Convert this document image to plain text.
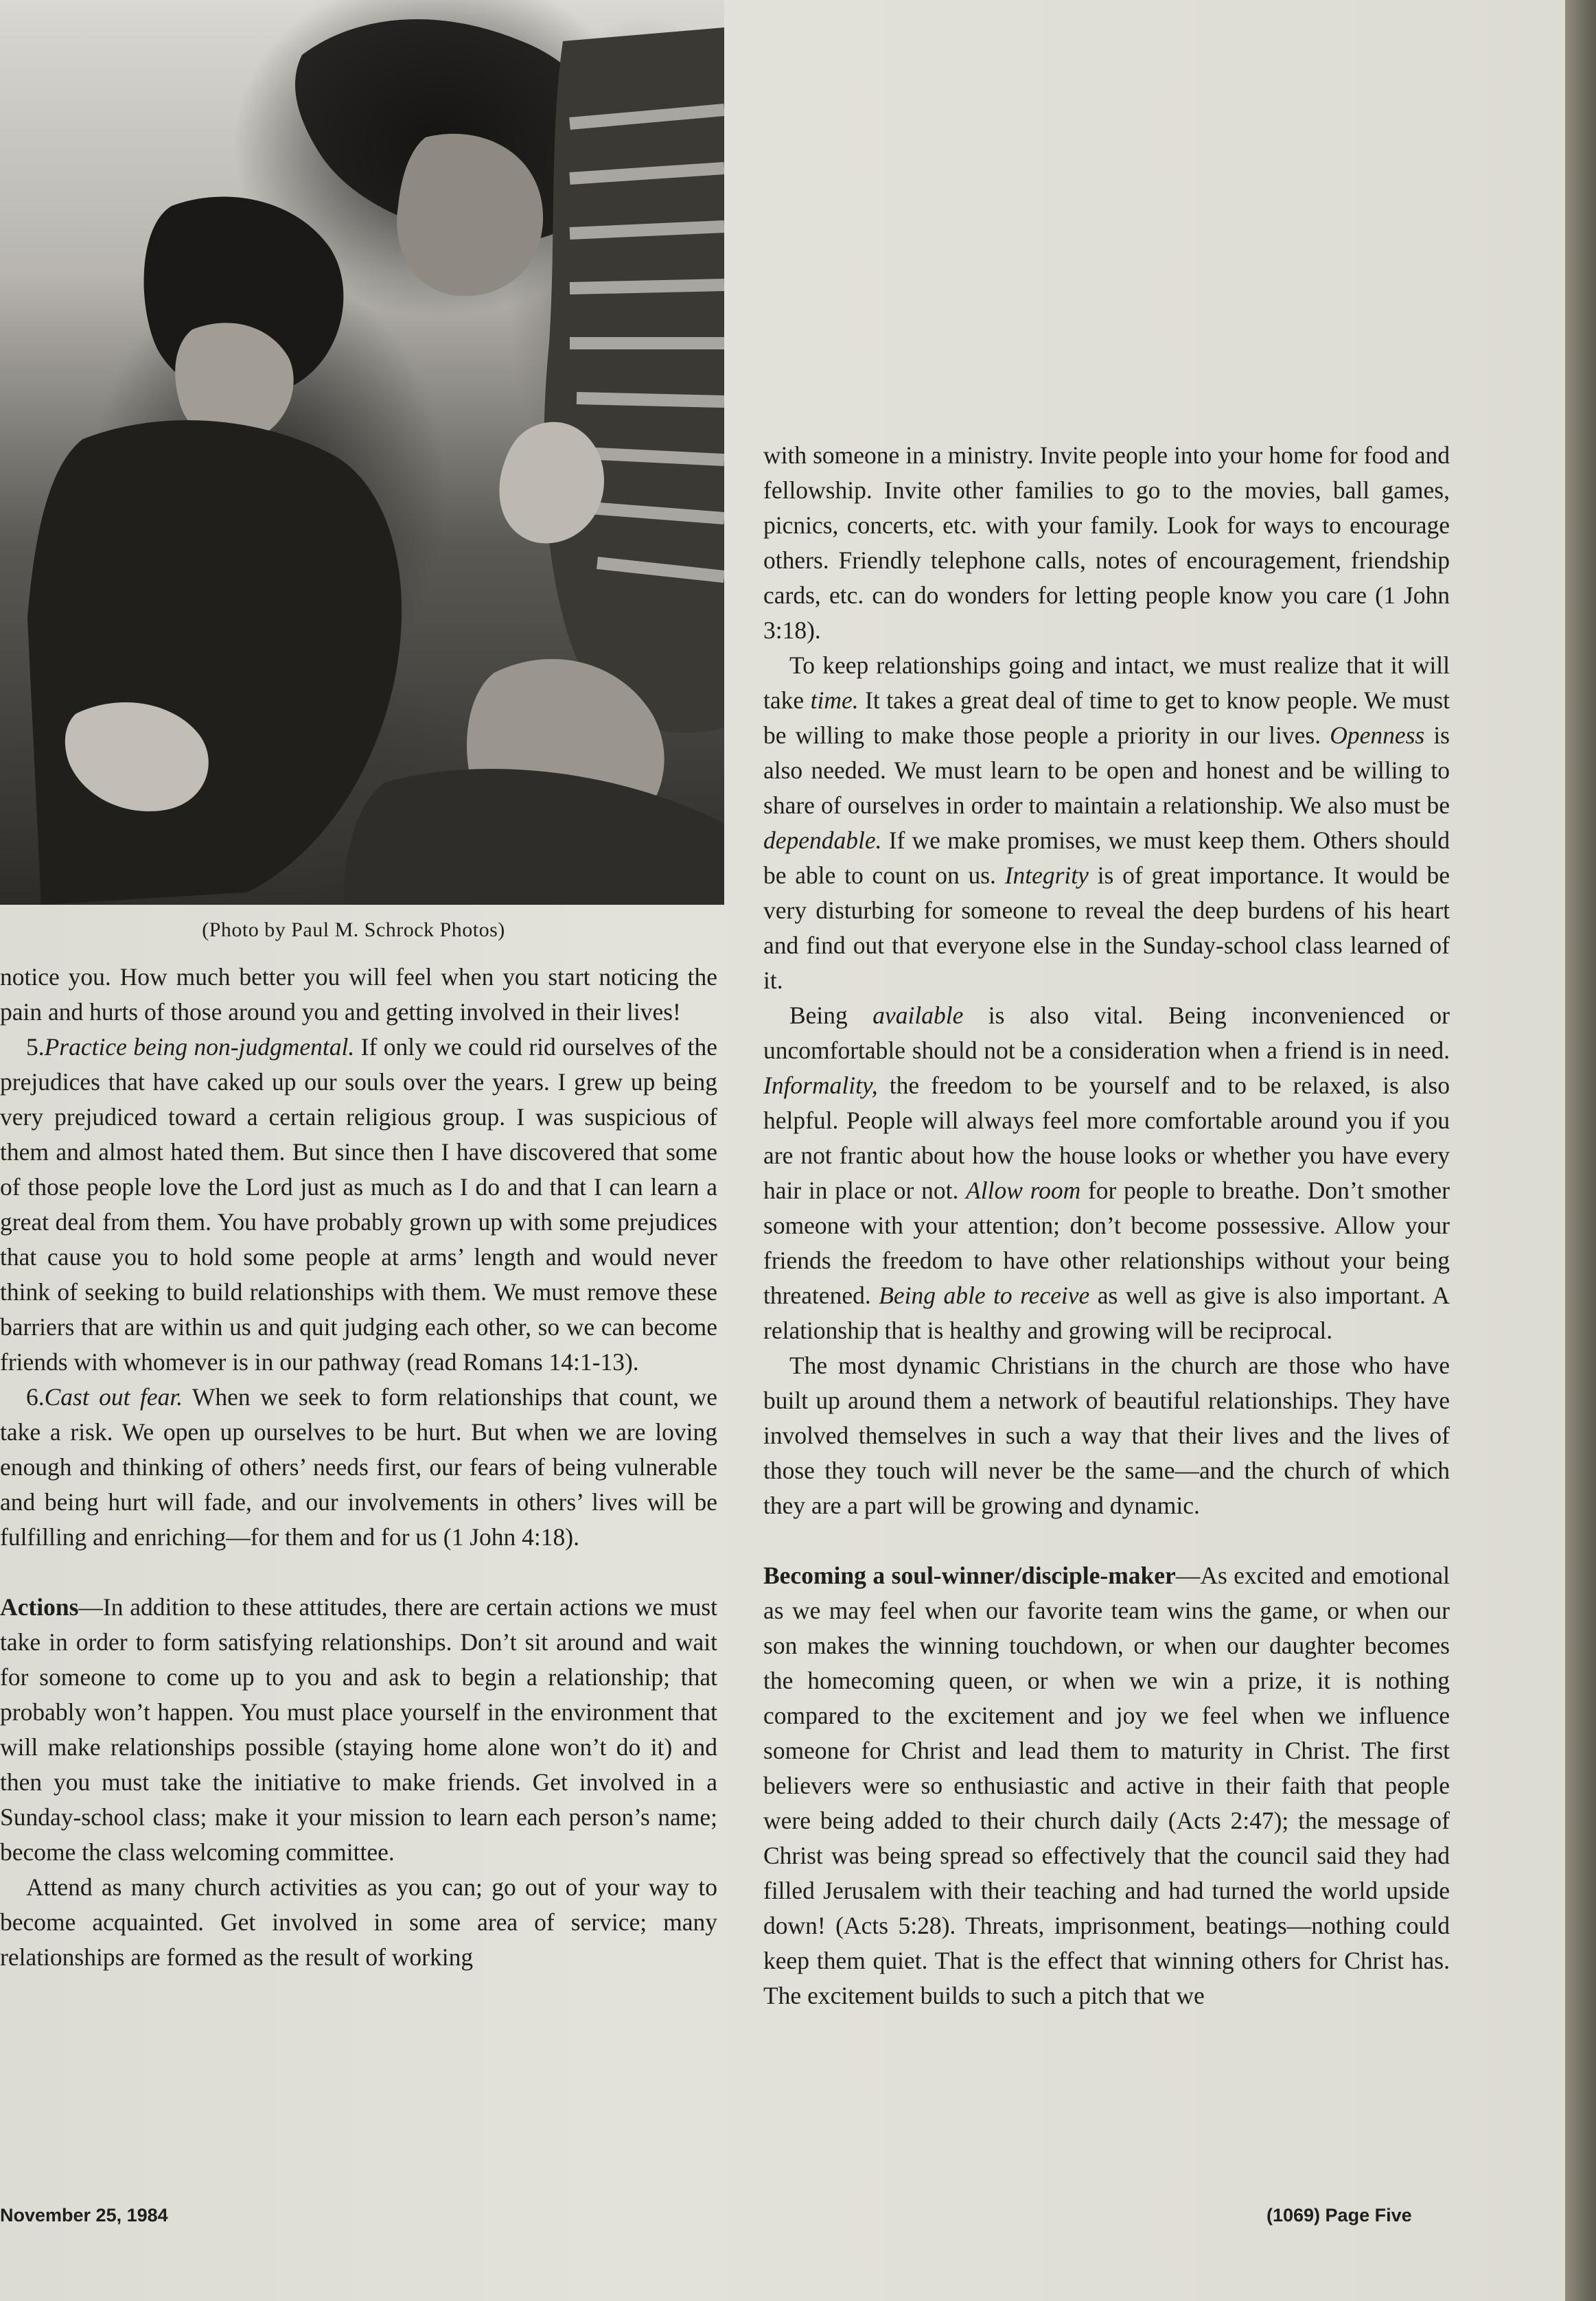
(Photo by Paul M. Schrock Photos)

notice you. How much better you will feel when you start noticing the pain and hurts of those around you and getting involved in their lives!

5.Practice being non-judgmental. If only we could rid ourselves of the prejudices that have caked up our souls over the years. I grew up being very prejudiced toward a certain religious group. I was suspicious of them and almost hated them. But since then I have discovered that some of those people love the Lord just as much as I do and that I can learn a great deal from them. You have probably grown up with some prejudices that cause you to hold some people at arms’ length and would never think of seeking to build relationships with them. We must remove these barriers that are within us and quit judging each other, so we can become friends with whomever is in our pathway (read Romans 14:1-13).

6.Cast out fear. When we seek to form relationships that count, we take a risk. We open up ourselves to be hurt. But when we are loving enough and thinking of others’ needs first, our fears of being vulnerable and being hurt will fade, and our involvements in others’ lives will be fulfilling and enriching—for them and for us (1 John 4:18).

Actions—In addition to these attitudes, there are certain actions we must take in order to form satisfying relationships. Don’t sit around and wait for someone to come up to you and ask to begin a relationship; that probably won’t happen. You must place yourself in the environment that will make relationships possible (staying home alone won’t do it) and then you must take the initiative to make friends. Get involved in a Sunday-school class; make it your mission to learn each person’s name; become the class welcoming committee.

Attend as many church activities as you can; go out of your way to become acquainted. Get involved in some area of service; many relationships are formed as the result of working

with someone in a ministry. Invite people into your home for food and fellowship. Invite other families to go to the movies, ball games, picnics, concerts, etc. with your family. Look for ways to encourage others. Friendly telephone calls, notes of encouragement, friendship cards, etc. can do wonders for letting people know you care (1 John 3:18).

To keep relationships going and intact, we must realize that it will take time. It takes a great deal of time to get to know people. We must be willing to make those people a priority in our lives. Openness is also needed. We must learn to be open and honest and be willing to share of ourselves in order to maintain a relationship. We also must be dependable. If we make promises, we must keep them. Others should be able to count on us. Integrity is of great importance. It would be very disturbing for someone to reveal the deep burdens of his heart and find out that everyone else in the Sunday-school class learned of it.

Being available is also vital. Being inconvenienced or uncomfortable should not be a consideration when a friend is in need. Informality, the freedom to be yourself and to be relaxed, is also helpful. People will always feel more comfortable around you if you are not frantic about how the house looks or whether you have every hair in place or not. Allow room for people to breathe. Don’t smother someone with your attention; don’t become possessive. Allow your friends the freedom to have other relationships without your being threatened. Being able to receive as well as give is also important. A relationship that is healthy and growing will be reciprocal.

The most dynamic Christians in the church are those who have built up around them a network of beautiful relationships. They have involved themselves in such a way that their lives and the lives of those they touch will never be the same—and the church of which they are a part will be growing and dynamic.

Becoming a soul-winner/disciple-maker—As excited and emotional as we may feel when our favorite team wins the game, or when our son makes the winning touchdown, or when our daughter becomes the homecoming queen, or when we win a prize, it is nothing compared to the excitement and joy we feel when we influence someone for Christ and lead them to maturity in Christ. The first believers were so enthusiastic and active in their faith that people were being added to their church daily (Acts 2:47); the message of Christ was being spread so effectively that the council said they had filled Jerusalem with their teaching and had turned the world upside down! (Acts 5:28). Threats, imprisonment, beatings—nothing could keep them quiet. That is the effect that winning others for Christ has. The excitement builds to such a pitch that we

November 25, 1984	(1069) Page Five
